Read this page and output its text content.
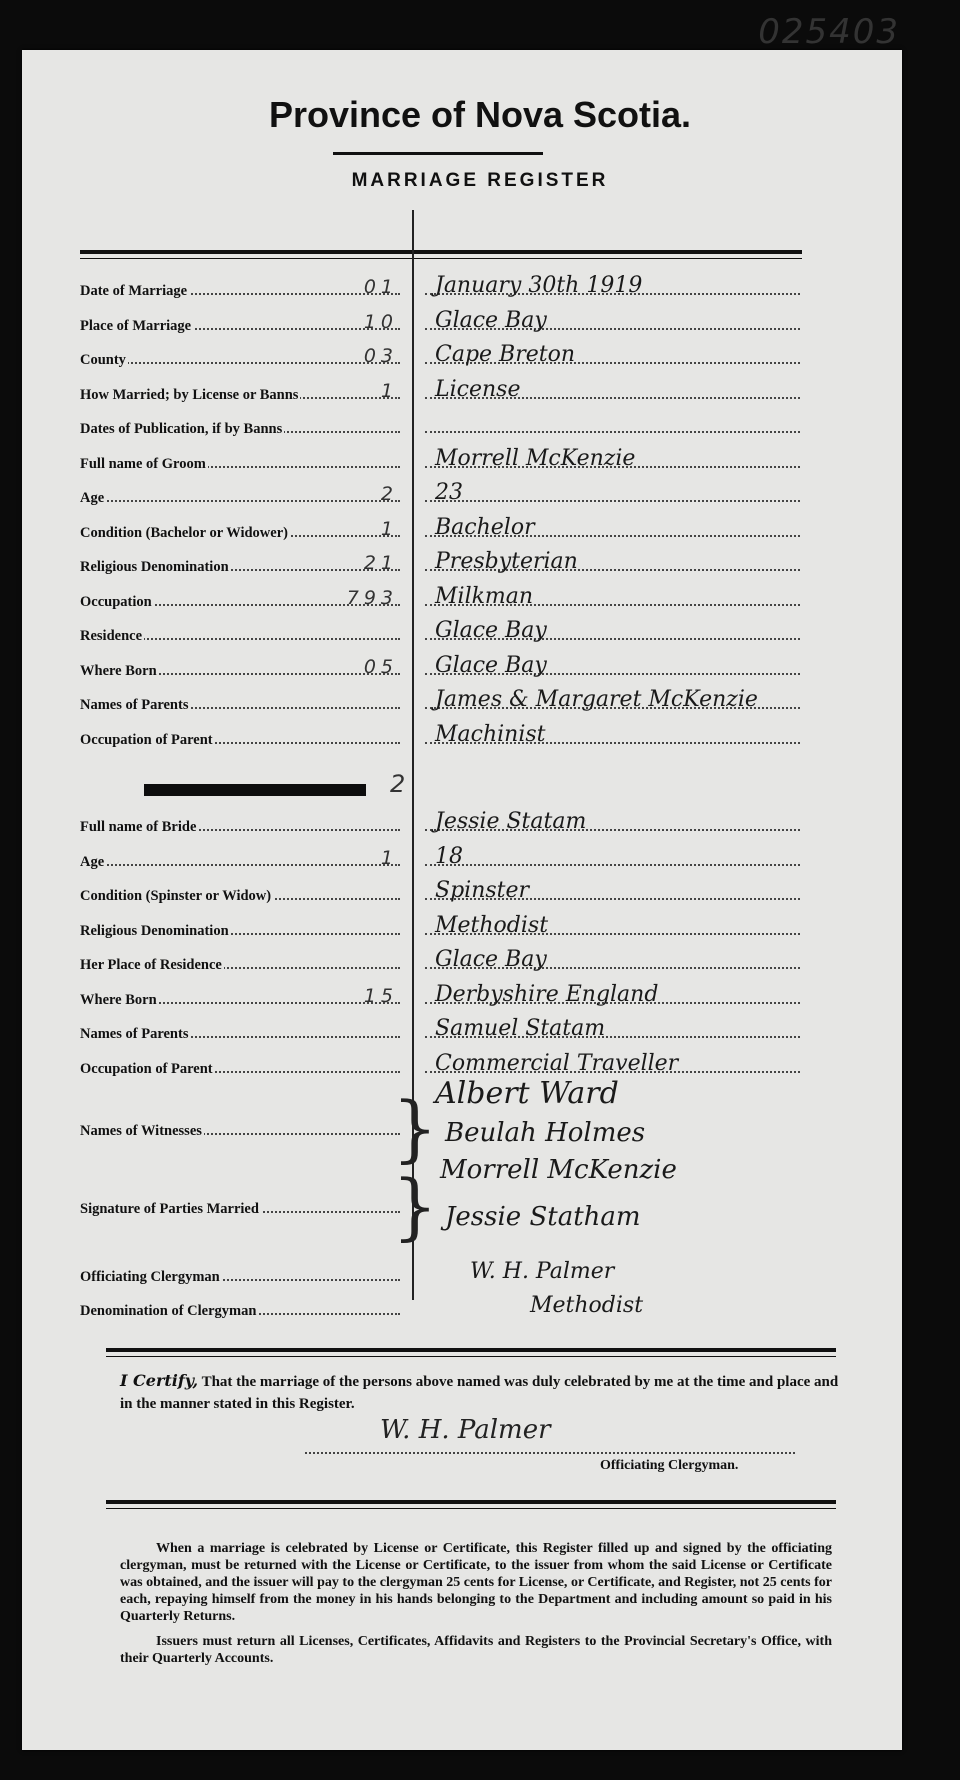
025403
Province of Nova Scotia.
MARRIAGE REGISTER
Date of Marriage	01 January 30th 1919
Place of Marriage	10 Glace Bay
County	03 Cape Breton
How Married; by License or Banns	1 License
Dates of Publication, if by Banns
Full name of Groom	Morrell McKenzie
Age	2 23
Condition (Bachelor or Widower)	1 Bachelor
Religious Denomination	21 Presbyterian
Occupation	793 Milkman
Residence	Glace Bay
Where Born	05 Glace Bay
Names of Parents	James & Margaret McKenzie
Occupation of Parent	Machinist
2
Full name of Bride	Jessie Statam
Age	1 18
Condition (Spinster or Widow)	Spinster
Religious Denomination	Methodist
Her Place of Residence	Glace Bay
Where Born	15 Derbyshire England
Names of Parents	Samuel Statam
Occupation of Parent	Commercial Traveller
Names of Witnesses	}
Albert Ward
Beulah Holmes
Signature of Parties Married } Morrell McKenzie
Jessie Statham
Officiating Clergyman	W. H. Palmer
Denomination of Clergyman	Methodist
I Certify, That the marriage of the persons above named was duly celebrated by me at the time and place and in the manner stated in this Register.
W. H. Palmer
Officiating Clergyman.

When a marriage is celebrated by License or Certificate, this Register filled up and signed by the officiating clergyman, must be returned with the License or Certificate, to the issuer from whom the said License or Certificate was obtained, and the issuer will pay to the clergyman 25 cents for License, or Certificate, and Register, not 25 cents for each, repaying himself from the money in his hands belonging to the Department and including amount so paid in his Quarterly Returns.

Issuers must return all Licenses, Certificates, Affidavits and Registers to the Provincial Secretary's Office, with their Quarterly Accounts.
